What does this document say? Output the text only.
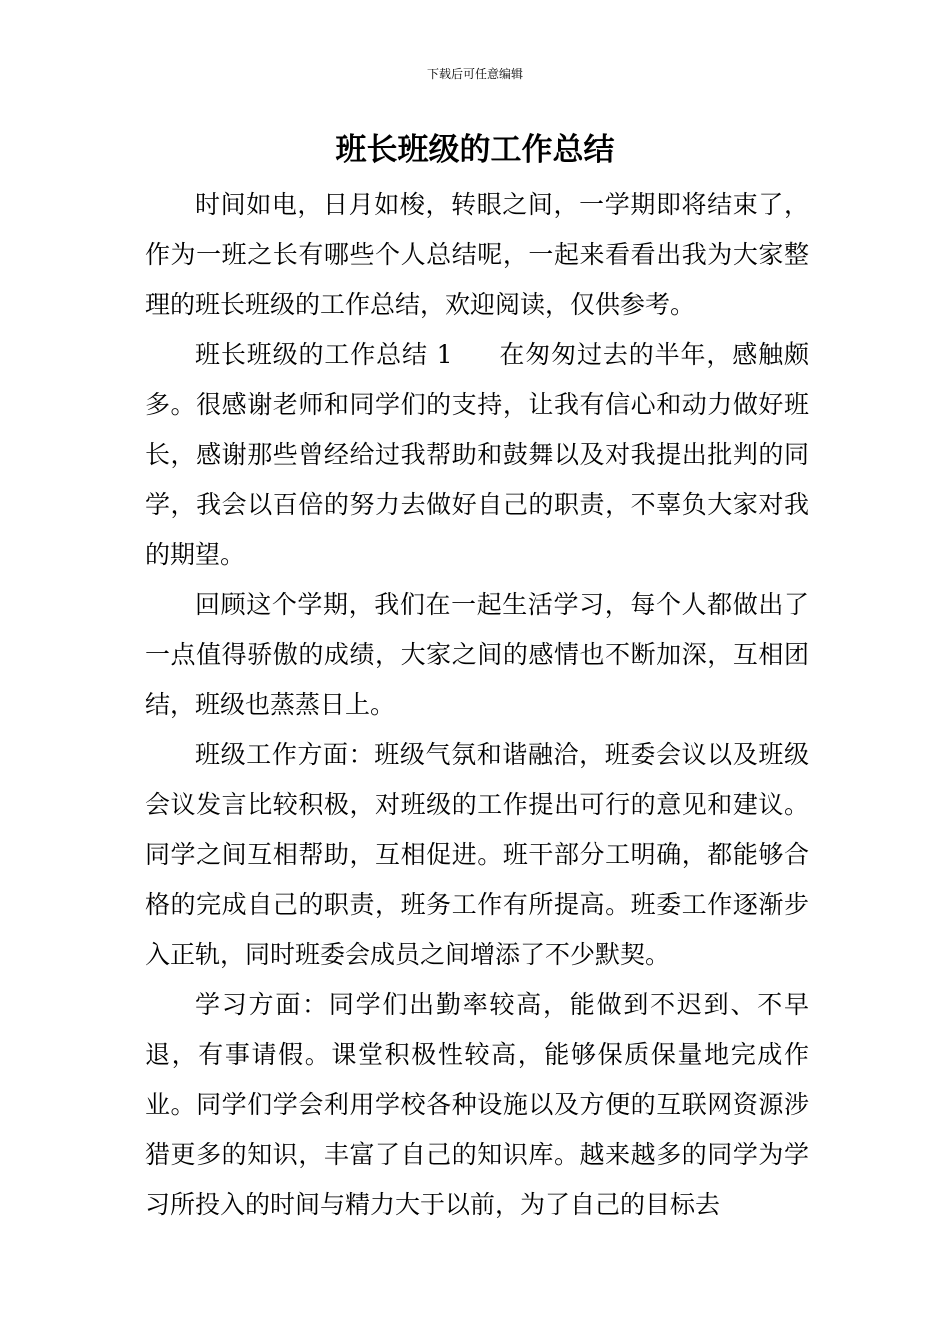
下载后可任意编辑
班长班级的工作总结

时间如电，日月如梭，转眼之间，一学期即将结束了，作为一班之长有哪些个人总结呢，一起来看看出我为大家整理的班长班级的工作总结，欢迎阅读，仅供参考。

班长班级的工作总结 1 在匆匆过去的半年，感触颇多。很感谢老师和同学们的支持，让我有信心和动力做好班长，感谢那些曾经给过我帮助和鼓舞以及对我提出批判的同学，我会以百倍的努力去做好自己的职责，不辜负大家对我的期望。

回顾这个学期，我们在一起生活学习，每个人都做出了一点值得骄傲的成绩，大家之间的感情也不断加深，互相团结，班级也蒸蒸日上。

班级工作方面：班级气氛和谐融洽，班委会议以及班级会议发言比较积极，对班级的工作提出可行的意见和建议。同学之间互相帮助，互相促进。班干部分工明确，都能够合格的完成自己的职责，班务工作有所提高。班委工作逐渐步入正轨，同时班委会成员之间增添了不少默契。

学习方面：同学们出勤率较高，能做到不迟到、不早退，有事请假。课堂积极性较高，能够保质保量地完成作业。同学们学会利用学校各种设施以及方便的互联网资源涉猎更多的知识，丰富了自己的知识库。越来越多的同学为学习所投入的时间与精力大于以前，为了自己的目标去
